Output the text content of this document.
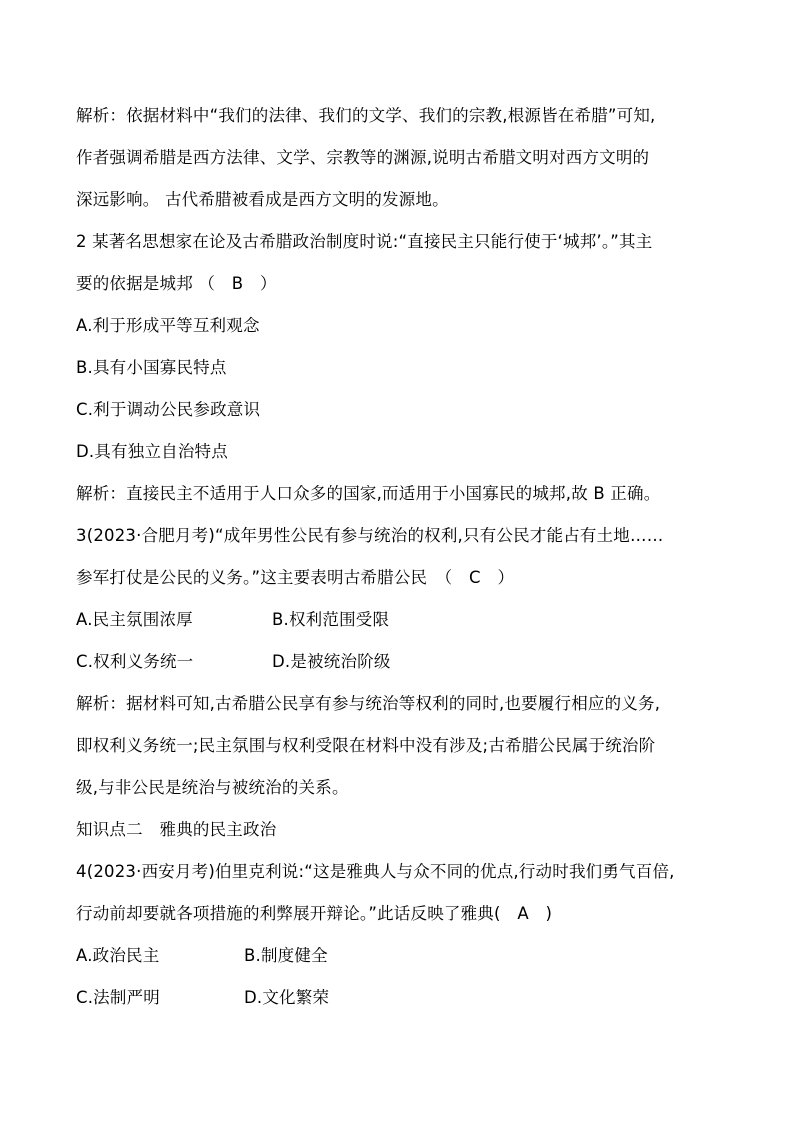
解析：依据材料中“我们的法律、我们的文学、我们的宗教,根源皆在希腊”可知,
作者强调希腊是西方法律、文学、宗教等的渊源,说明古希腊文明对西方文明的
深远影响。 古代希腊被看成是西方文明的发源地。
2 某著名思想家在论及古希腊政治制度时说:“直接民主只能行使于‘城邦’。”其主
要的依据是城邦 （　B　）
A.利于形成平等互利观念
B.具有小国寡民特点
C.利于调动公民参政意识
D.具有独立自治特点
解析：直接民主不适用于人口众多的国家,而适用于小国寡民的城邦,故 B 正确。
3(2023·合肥月考)“成年男性公民有参与统治的权利,只有公民才能占有土地……
参军打仗是公民的义务。”这主要表明古希腊公民　（　C　）
A.民主氛围浓厚	B.权利范围受限
C.权利义务统一	D.是被统治阶级
解析：据材料可知,古希腊公民享有参与统治等权利的同时,也要履行相应的义务,
即权利义务统一;民主氛围与权利受限在材料中没有涉及;古希腊公民属于统治阶
级,与非公民是统治与被统治的关系。
知识点二　雅典的民主政治
4(2023·西安月考)伯里克利说:“这是雅典人与众不同的优点,行动时我们勇气百倍,
行动前却要就各项措施的利弊展开辩论。”此话反映了雅典(　A　)
A.政治民主	B.制度健全
C.法制严明	D.文化繁荣
